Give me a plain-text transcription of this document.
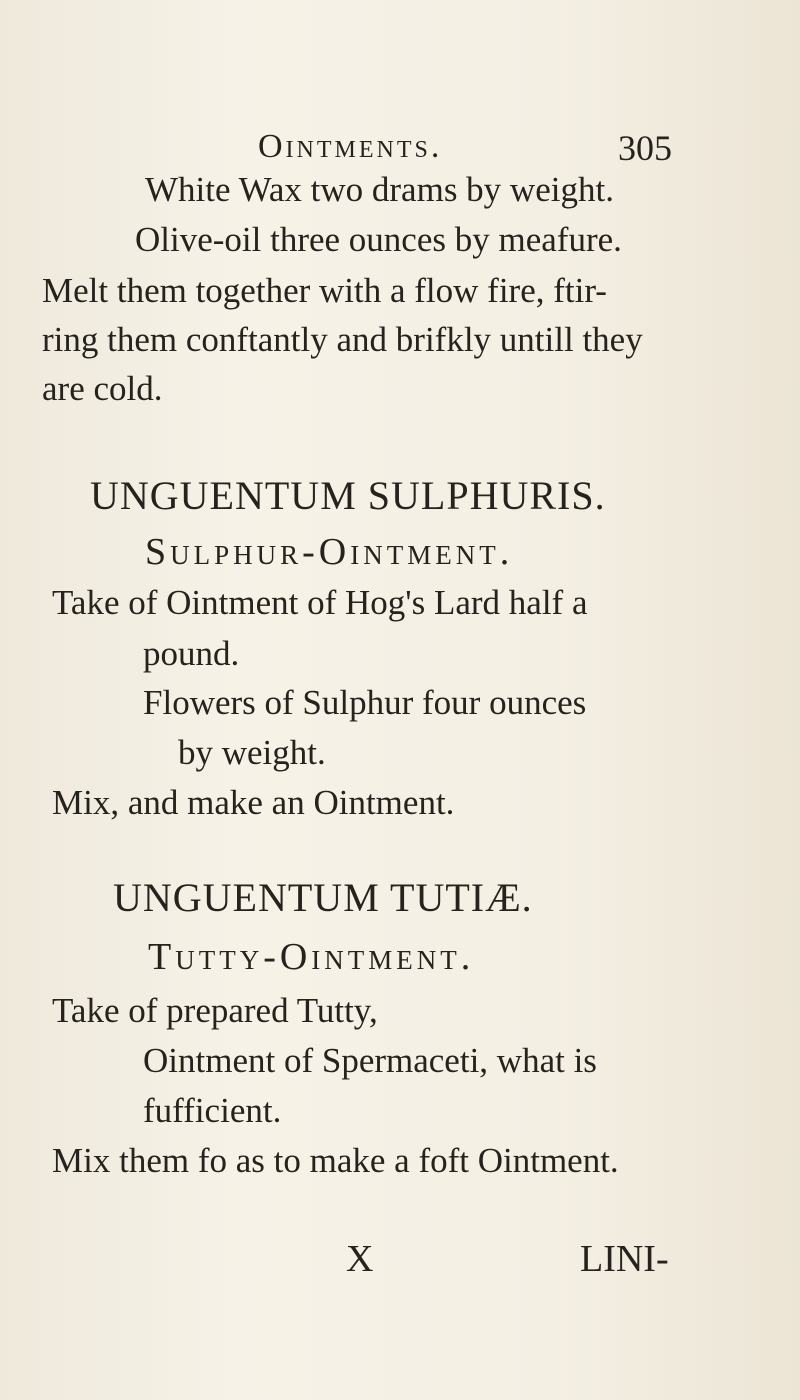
Ointments.	305
White Wax two drams by weight.
Olive-oil three ounces by meafure.
Melt them together with a flow fire, ftir-
ring them conftantly and brifkly untill they
are cold.
UNGUENTUM SULPHURIS.
Sulphur-Ointment.
Take of Ointment of Hog's Lard half a
pound.
Flowers of Sulphur four ounces
by weight.
Mix, and make an Ointment.
UNGUENTUM TUTIÆ.
Tutty-Ointment.
Take of prepared Tutty,
Ointment of Spermaceti, what is
fufficient.
Mix them fo as to make a foft Ointment.
X	LINI-
